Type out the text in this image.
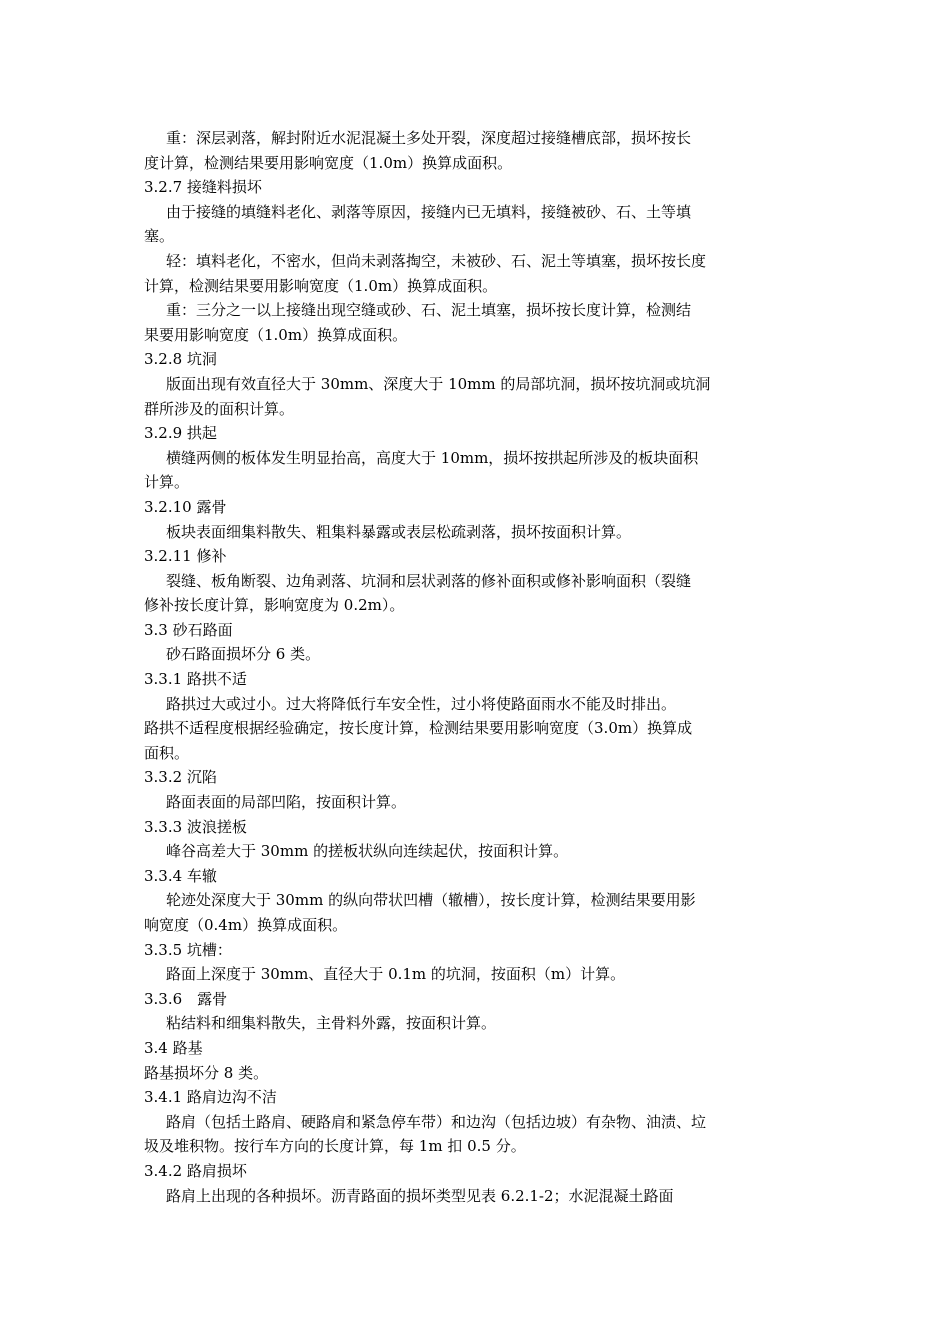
重：深层剥落，解封附近水泥混凝土多处开裂，深度超过接缝槽底部，损坏按长
度计算，检测结果要用影响宽度（1.0m）换算成面积。
3.2.7 接缝料损坏
由于接缝的填缝料老化、剥落等原因，接缝内已无填料，接缝被砂、石、土等填
塞。
轻：填料老化，不密水，但尚未剥落掏空，未被砂、石、泥土等填塞，损坏按长度
计算，检测结果要用影响宽度（1.0m）换算成面积。
重：三分之一以上接缝出现空缝或砂、石、泥土填塞，损坏按长度计算，检测结
果要用影响宽度（1.0m）换算成面积。
3.2.8 坑洞
版面出现有效直径大于 30mm、深度大于 10mm 的局部坑洞，损坏按坑洞或坑洞
群所涉及的面积计算。
3.2.9 拱起
横缝两侧的板体发生明显抬高，高度大于 10mm，损坏按拱起所涉及的板块面积
计算。
3.2.10 露骨
板块表面细集料散失、粗集料暴露或表层松疏剥落，损坏按面积计算。
3.2.11 修补
裂缝、板角断裂、边角剥落、坑洞和层状剥落的修补面积或修补影响面积（裂缝
修补按长度计算，影响宽度为 0.2m）。
3.3 砂石路面
砂石路面损坏分 6 类。
3.3.1 路拱不适
路拱过大或过小。过大将降低行车安全性，过小将使路面雨水不能及时排出。
路拱不适程度根据经验确定，按长度计算，检测结果要用影响宽度（3.0m）换算成
面积。
3.3.2 沉陷
路面表面的局部凹陷，按面积计算。
3.3.3 波浪搓板
峰谷高差大于 30mm 的搓板状纵向连续起伏，按面积计算。
3.3.4 车辙
轮迹处深度大于 30mm 的纵向带状凹槽（辙槽），按长度计算，检测结果要用影
响宽度（0.4m）换算成面积。
3.3.5 坑槽：
路面上深度于 30mm、直径大于 0.1m 的坑洞，按面积（m）计算。
3.3.6　露骨
粘结料和细集料散失，主骨料外露，按面积计算。
3.4 路基
路基损坏分 8 类。
3.4.1 路肩边沟不洁
路肩（包括土路肩、硬路肩和紧急停车带）和边沟（包括边坡）有杂物、油渍、垃
圾及堆积物。按行车方向的长度计算，每 1m 扣 0.5 分。
3.4.2 路肩损坏
路肩上出现的各种损坏。沥青路面的损坏类型见表 6.2.1-2；水泥混凝土路面
